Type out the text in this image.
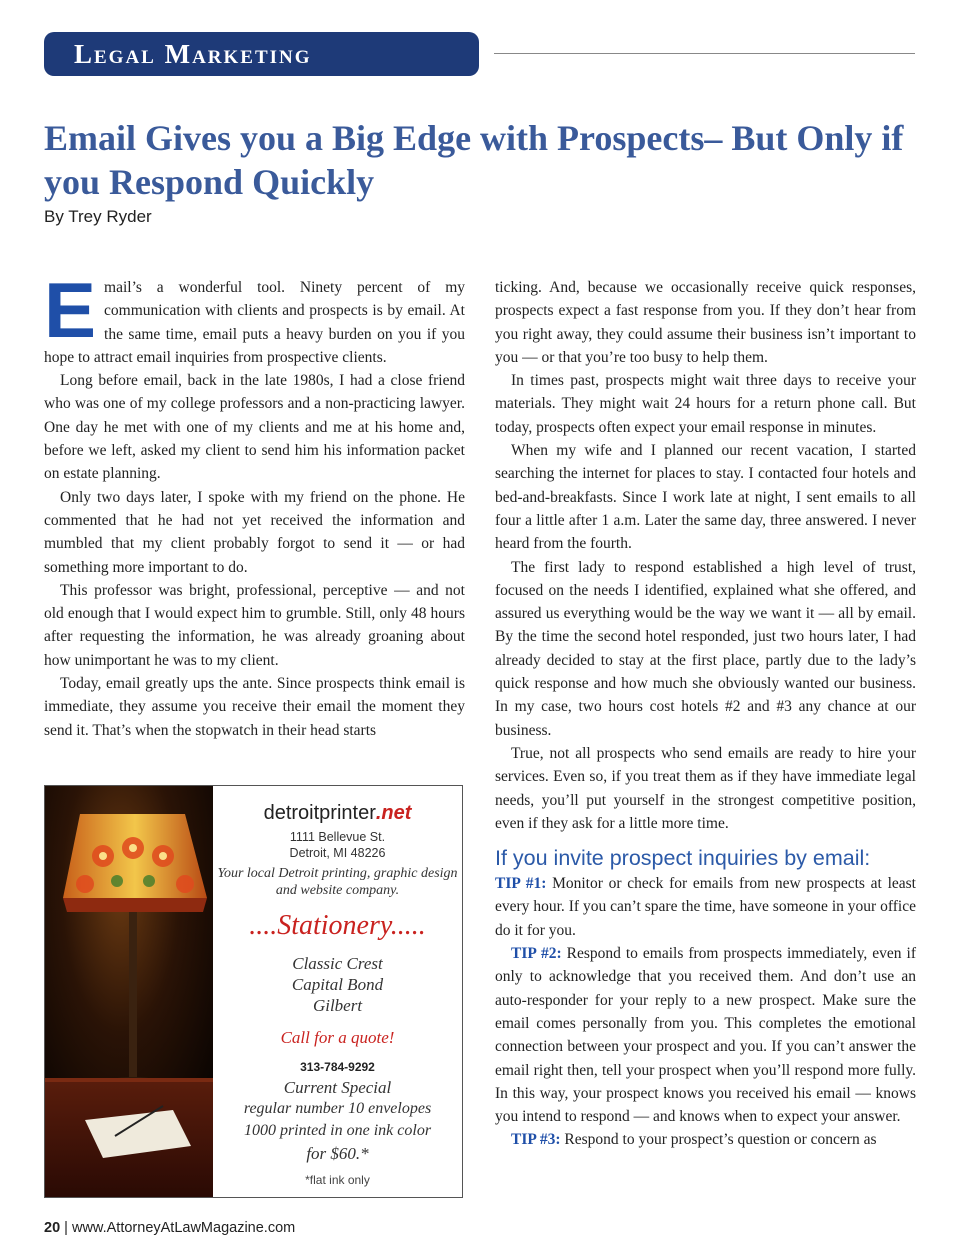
Legal Marketing
Email Gives you a Big Edge with Prospects– But Only if you Respond Quickly

By Trey Ryder

Email’s a wonderful tool. Ninety percent of my communication with clients and prospects is by email. At the same time, email puts a heavy burden on you if you hope to attract email inquiries from prospective clients.

Long before email, back in the late 1980s, I had a close friend who was one of my college professors and a non-practicing lawyer. One day he met with one of my clients and me at his home and, before we left, asked my client to send him his information packet on estate planning.

Only two days later, I spoke with my friend on the phone. He commented that he had not yet received the information and mumbled that my client probably forgot to send it — or had something more important to do.

This professor was bright, professional, perceptive — and not old enough that I would expect him to grumble. Still, only 48 hours after requesting the information, he was already groaning about how unimportant he was to my client.

Today, email greatly ups the ante. Since prospects think email is immediate, they assume you receive their email the moment they send it. That’s when the stopwatch in their head starts

ticking. And, because we occasionally receive quick responses, prospects expect a fast response from you. If they don’t hear from you right away, they could assume their business isn’t important to you — or that you’re too busy to help them.

In times past, prospects might wait three days to receive your materials. They might wait 24 hours for a return phone call. But today, prospects often expect your email response in minutes.

When my wife and I planned our recent vacation, I started searching the internet for places to stay. I contacted four hotels and bed-and-breakfasts. Since I work late at night, I sent emails to all four a little after 1 a.m. Later the same day, three answered. I never heard from the fourth.

The first lady to respond established a high level of trust, focused on the needs I identified, explained what she offered, and assured us everything would be the way we want it — all by email. By the time the second hotel responded, just two hours later, I had already decided to stay at the first place, partly due to the lady’s quick response and how much she obviously wanted our business. In my case, two hours cost hotels #2 and #3 any chance at our business.

True, not all prospects who send emails are ready to hire your services. Even so, if you treat them as if they have immediate legal needs, you’ll put yourself in the strongest competitive position, even if they ask for a little more time.

If you invite prospect inquiries by email:

TIP #1: Monitor or check for emails from new prospects at least every hour. If you can’t spare the time, have someone in your office do it for you.

TIP #2: Respond to emails from prospects immediately, even if only to acknowledge that you received them. And don’t use an auto-responder for your reply to a new prospect. Make sure the email comes personally from you. This completes the emotional connection between your prospect and you. If you can’t answer the email right then, tell your prospect when you’ll respond more fully. In this way, your prospect knows you received his email — knows you intend to respond — and knows when to expect your answer.

TIP #3: Respond to your prospect’s question or concern as

detroitprinter.net
1111 Bellevue St.
Detroit, MI 48226
Your local Detroit printing, graphic design
and website company.
....Stationery.....
Classic Crest
Capital Bond
Gilbert
Call for a quote!
313-784-9292
Current Special
regular number 10 envelopes
1000 printed in one ink color
for $60.*
*flat ink only

20 | www.AttorneyAtLawMagazine.com
